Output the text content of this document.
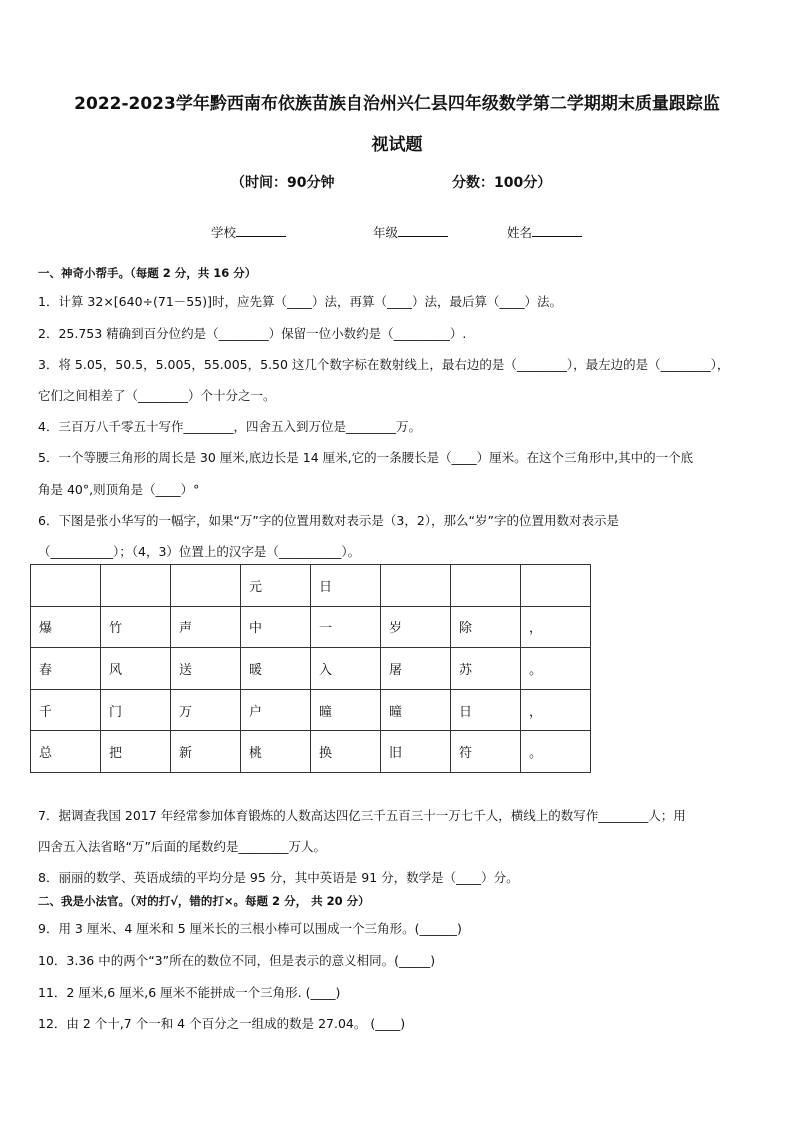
2022-2023学年黔西南布依族苗族自治州兴仁县四年级数学第二学期期末质量跟踪监
视试题
（时间：90分钟	分数：100分）
学校	年级	姓名
一、神奇小帮手。（每题 2 分，共 16 分）
1．计算 32×[640÷(71－55)]时，应先算（____）法，再算（____）法，最后算（____）法。
2．25.753 精确到百分位约是（________）保留一位小数约是（_________）.
3．将 5.05，50.5，5.005，55.005，5.50 这几个数字标在数射线上，最右边的是（________），最左边的是（________），
它们之间相差了（________）个十分之一。
4．三百万八千零五十写作________，四舍五入到万位是________万。
5．一个等腰三角形的周长是 30 厘米,底边长是 14 厘米,它的一条腰长是（____）厘米。在这个三角形中,其中的一个底
角是 40°,则顶角是（____）°
6．下图是张小华写的一幅字，如果“万”字的位置用数对表示是（3，2），那么“岁”字的位置用数对表示是
（__________）；（4，3）位置上的汉字是（__________）。
			元	日			
爆	竹	声	中	一	岁	除	，
春	风	送	暖	入	屠	苏	。
千	门	万	户	曈	曈	日	，
总	把	新	桃	换	旧	符	。
7．据调查我国 2017 年经常参加体育锻炼的人数高达四亿三千五百三十一万七千人，横线上的数写作________人；用
四舍五入法省略“万”后面的尾数约是________万人。
8．丽丽的数学、英语成绩的平均分是 95 分，其中英语是 91 分，数学是（____）分。
二、我是小法官。（对的打√，错的打×。每题 2 分， 共 20 分）
9．用 3 厘米、4 厘米和 5 厘米长的三根小棒可以围成一个三角形。(______)
10．3.36 中的两个“3”所在的数位不同，但是表示的意义相同。(_____)
11．2 厘米,6 厘米,6 厘米不能拼成一个三角形. (____)
12．由 2 个十,7 个一和 4 个百分之一组成的数是 27.04。 (____)
